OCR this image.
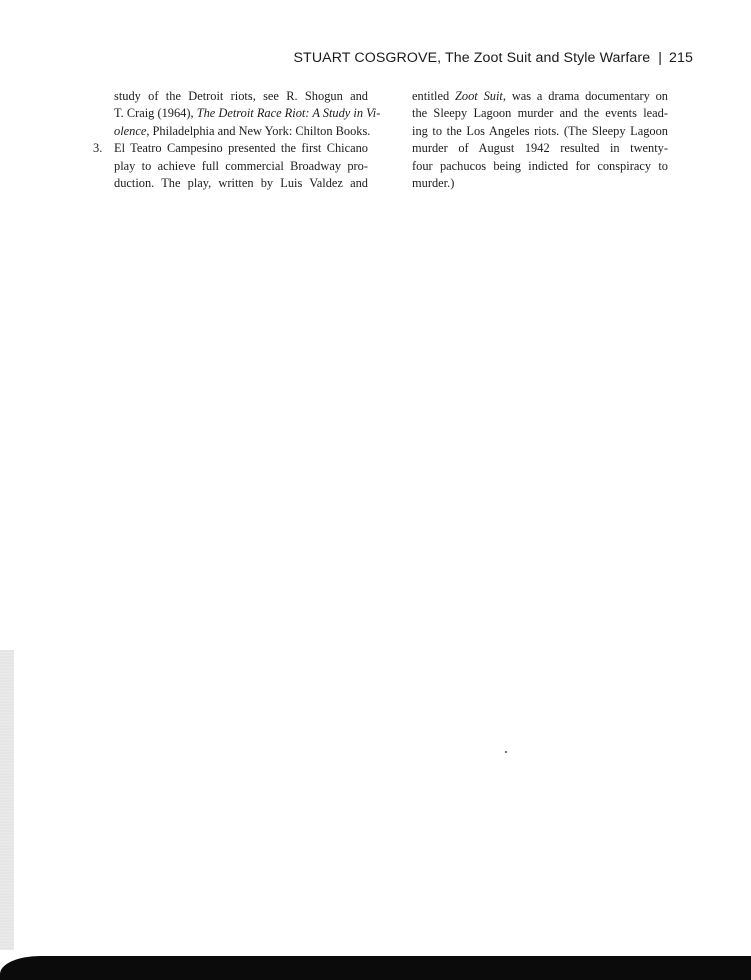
STUART COSGROVE, The Zoot Suit and Style Warfare | 215
study of the Detroit riots, see R. Shogun and
T. Craig (1964), The Detroit Race Riot: A Study in Vi-
olence, Philadelphia and New York: Chilton Books.
3. El Teatro Campesino presented the first Chicano
play to achieve full commercial Broadway pro-
duction. The play, written by Luis Valdez and
entitled Zoot Suit, was a drama documentary on
the Sleepy Lagoon murder and the events lead-
ing to the Los Angeles riots. (The Sleepy Lagoon
murder of August 1942 resulted in twenty-
four pachucos being indicted for conspiracy to
murder.)
